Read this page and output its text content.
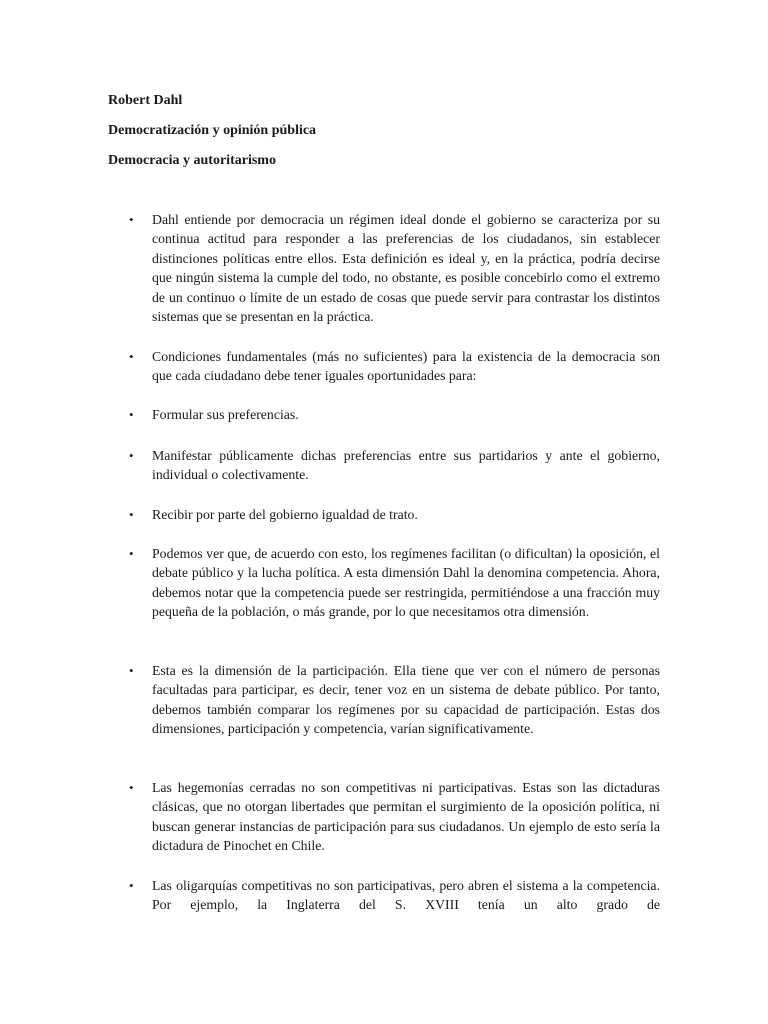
Robert Dahl

Democratización y opinión pública

Democracia y autoritarismo

• Dahl entiende por democracia un régimen ideal donde el gobierno se caracteriza por su continua actitud para responder a las preferencias de los ciudadanos, sin establecer distinciones políticas entre ellos. Esta definición es ideal y, en la práctica, podría decirse que ningún sistema la cumple del todo, no obstante, es posible concebirlo como el extremo de un continuo o límite de un estado de cosas que puede servir para contrastar los distintos sistemas que se presentan en la práctica.
• Condiciones fundamentales (más no suficientes) para la existencia de la democracia son que cada ciudadano debe tener iguales oportunidades para:
• Formular sus preferencias.
• Manifestar públicamente dichas preferencias entre sus partidarios y ante el gobierno, individual o colectivamente.
• Recibir por parte del gobierno igualdad de trato.
• Podemos ver que, de acuerdo con esto, los regímenes facilitan (o dificultan) la oposición, el debate público y la lucha política. A esta dimensión Dahl la denomina competencia. Ahora, debemos notar que la competencia puede ser restringida, permitiéndose a una fracción muy pequeña de la población, o más grande, por lo que necesitamos otra dimensión.
• Esta es la dimensión de la participación. Ella tiene que ver con el número de personas facultadas para participar, es decir, tener voz en un sistema de debate público. Por tanto, debemos también comparar los regímenes por su capacidad de participación. Estas dos dimensiones, participación y competencia, varían significativamente.
• Las hegemonías cerradas no son competitivas ni participativas. Estas son las dictaduras clásicas, que no otorgan libertades que permitan el surgimiento de la oposición política, ni buscan generar instancias de participación para sus ciudadanos. Un ejemplo de esto sería la dictadura de Pinochet en Chile.
• Las oligarquías competitivas no son participativas, pero abren el sistema a la competencia. Por ejemplo, la Inglaterra del S. XVIII tenía un alto grado de
